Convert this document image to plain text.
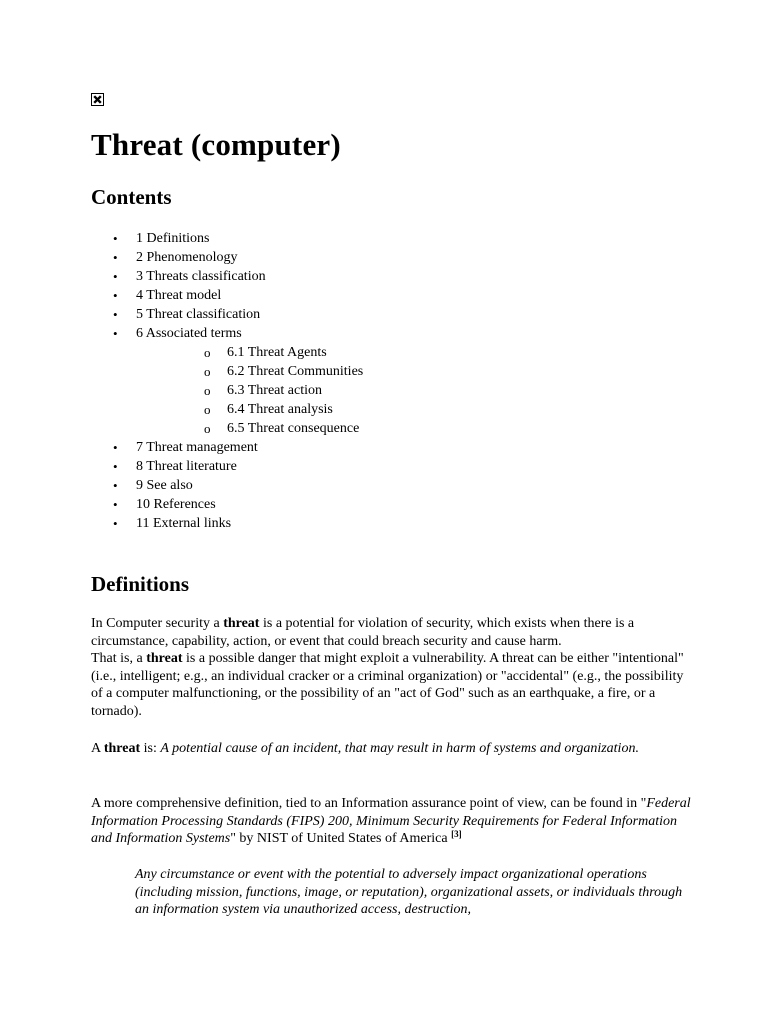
Threat (computer)
Contents
• 1 Definitions
• 2 Phenomenology
• 3 Threats classification
• 4 Threat model
• 5 Threat classification
• 6 Associated terms
o 6.1 Threat Agents
o 6.2 Threat Communities
o 6.3 Threat action
o 6.4 Threat analysis
o 6.5 Threat consequence
• 7 Threat management
• 8 Threat literature
• 9 See also
• 10 References
• 11 External links
Definitions

In Computer security a threat is a potential for violation of security, which exists when there is a circumstance, capability, action, or event that could breach security and cause harm.
That is, a threat is a possible danger that might exploit a vulnerability. A threat can be either "intentional" (i.e., intelligent; e.g., an individual cracker or a criminal organization) or "accidental" (e.g., the possibility of a computer malfunctioning, or the possibility of an "act of God" such as an earthquake, a fire, or a tornado).

A threat is: A potential cause of an incident, that may result in harm of systems and organization.

A more comprehensive definition, tied to an Information assurance point of view, can be found in "Federal Information Processing Standards (FIPS) 200, Minimum Security Requirements for Federal Information and Information Systems" by NIST of United States of America [3]

Any circumstance or event with the potential to adversely impact organizational operations (including mission, functions, image, or reputation), organizational assets, or individuals through an information system via unauthorized access, destruction,
